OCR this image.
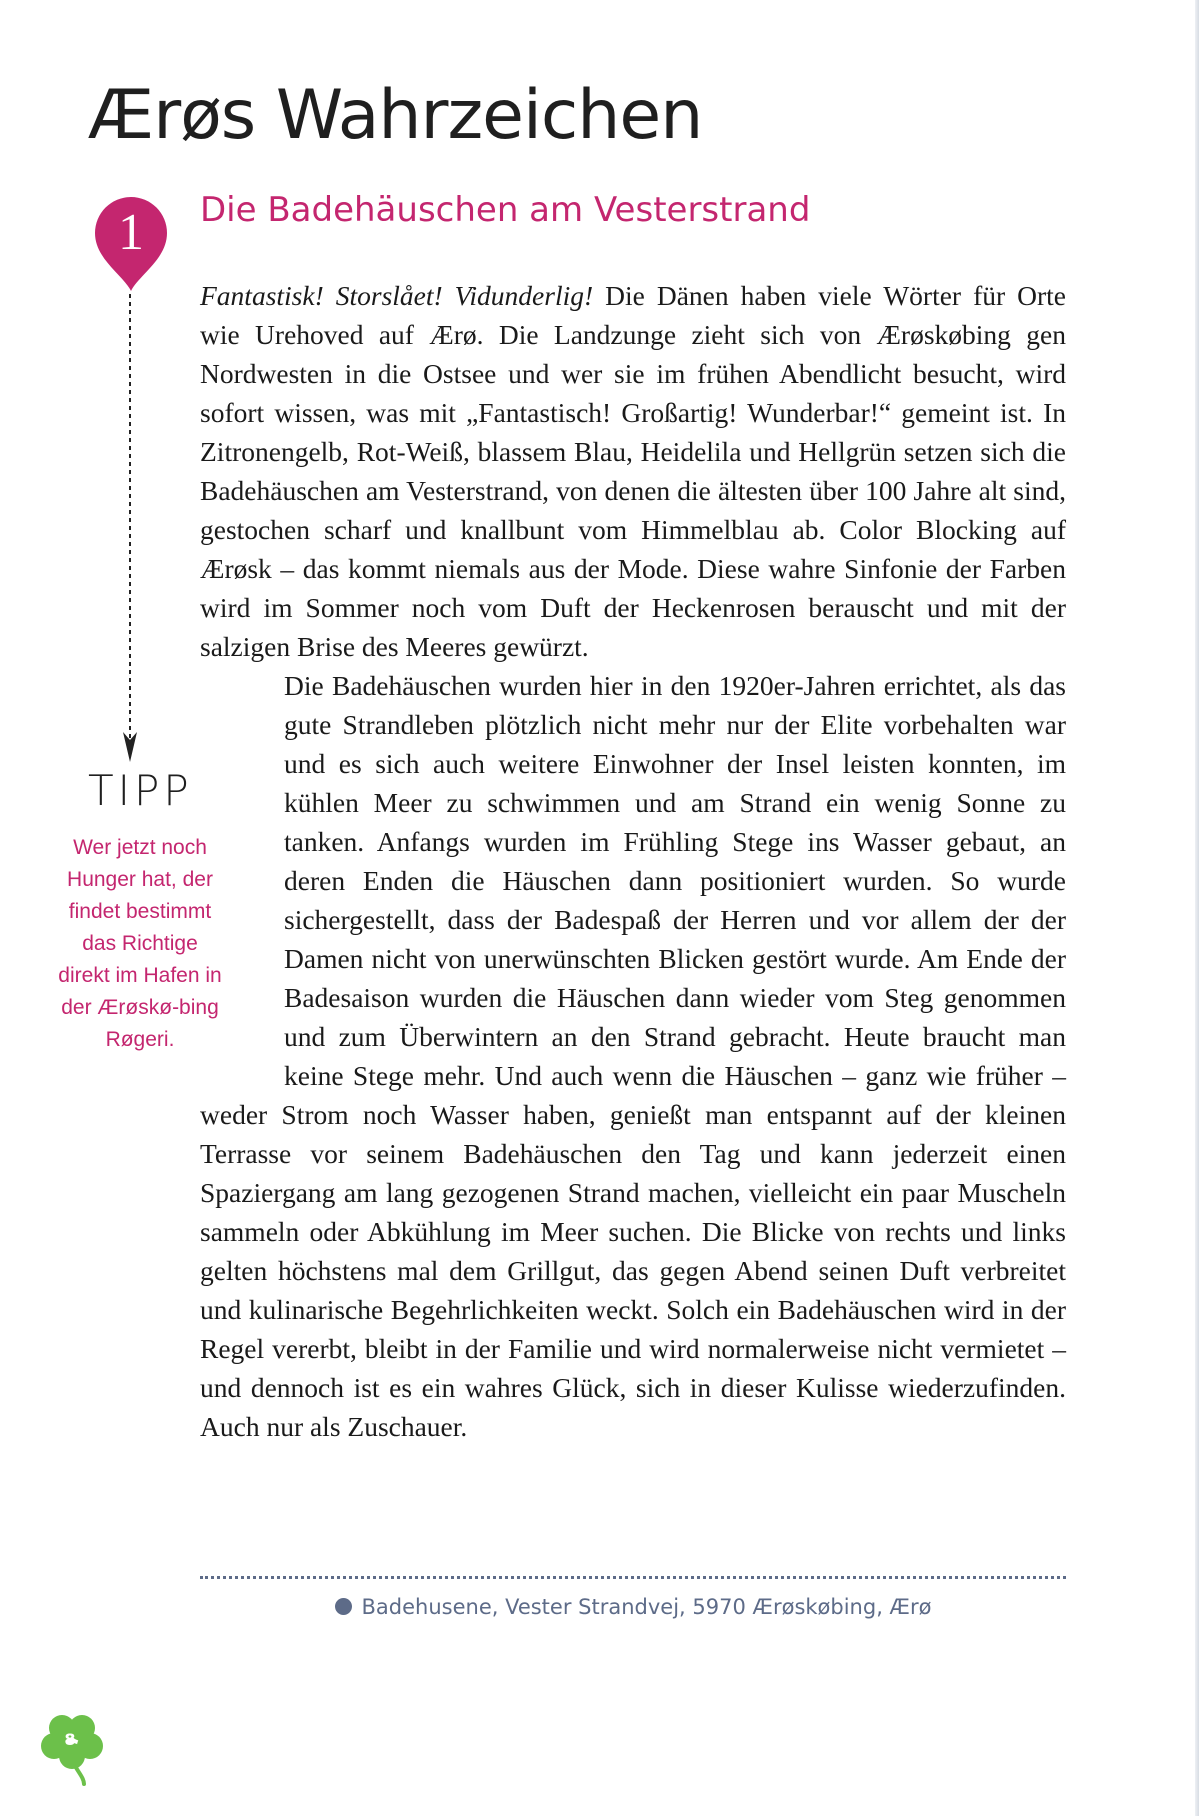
Ærøs Wahrzeichen
1
TIPP
Wer jetzt noch Hunger hat, der findet bestimmt das Richtige direkt im Hafen in der Ærøskø-bing Røgeri.
Die Badehäuschen am Vesterstrand

Fantastisk! Storslået! Vidunderlig! Die Dänen haben viele Wörter für Orte wie Urehoved auf Ærø. Die Landzunge zieht sich von Ærøskøbing gen Nordwesten in die Ostsee und wer sie im frühen Abendlicht besucht, wird sofort wissen, was mit „Fantastisch! Großartig! Wunderbar!“ gemeint ist. In Zitronengelb, Rot-Weiß, blassem Blau, Heidelila und Hellgrün setzen sich die Badehäuschen am Vesterstrand, von denen die ältesten über 100 Jahre alt sind, gestochen scharf und knallbunt vom Himmelblau ab. Color Blocking auf Ærøsk – das kommt niemals aus der Mode. Diese wahre Sinfonie der Farben wird im Sommer noch vom Duft der Heckenrosen berauscht und mit der salzigen Brise des Meeres gewürzt.

Die Badehäuschen wurden hier in den 1920er-Jahren errichtet, als das gute Strandleben plötzlich nicht mehr nur der Elite vorbehalten war und es sich auch weitere Einwohner der Insel leisten konnten, im kühlen Meer zu schwimmen und am Strand ein wenig Sonne zu tanken. Anfangs wurden im Frühling Stege ins Wasser gebaut, an deren Enden die Häuschen dann positioniert wurden. So wurde sichergestellt, dass der Badespaß der Herren und vor allem der der Damen nicht von unerwünschten Blicken gestört wurde. Am Ende der Badesaison wurden die Häuschen dann wieder vom Steg genommen und zum Überwintern an den Strand gebracht. Heute braucht man keine Stege mehr. Und auch wenn die Häuschen – ganz wie früher – weder Strom noch Wasser haben, genießt man entspannt auf der kleinen Terrasse vor seinem Badehäuschen den Tag und kann jederzeit einen Spaziergang am lang gezogenen Strand machen, vielleicht ein paar Muscheln sammeln oder Abkühlung im Meer suchen. Die Blicke von rechts und links gelten höchstens mal dem Grillgut, das gegen Abend seinen Duft verbreitet und kulinarische Begehrlichkeiten weckt. Solch ein Badehäuschen wird in der Regel vererbt, bleibt in der Familie und wird normalerweise nicht vermietet – und dennoch ist es ein wahres Glück, sich in dieser Kulisse wiederzufinden. Auch nur als Zuschauer.

Badehusene, Vester Strandvej, 5970 Ærøskøbing, Ærø
8
